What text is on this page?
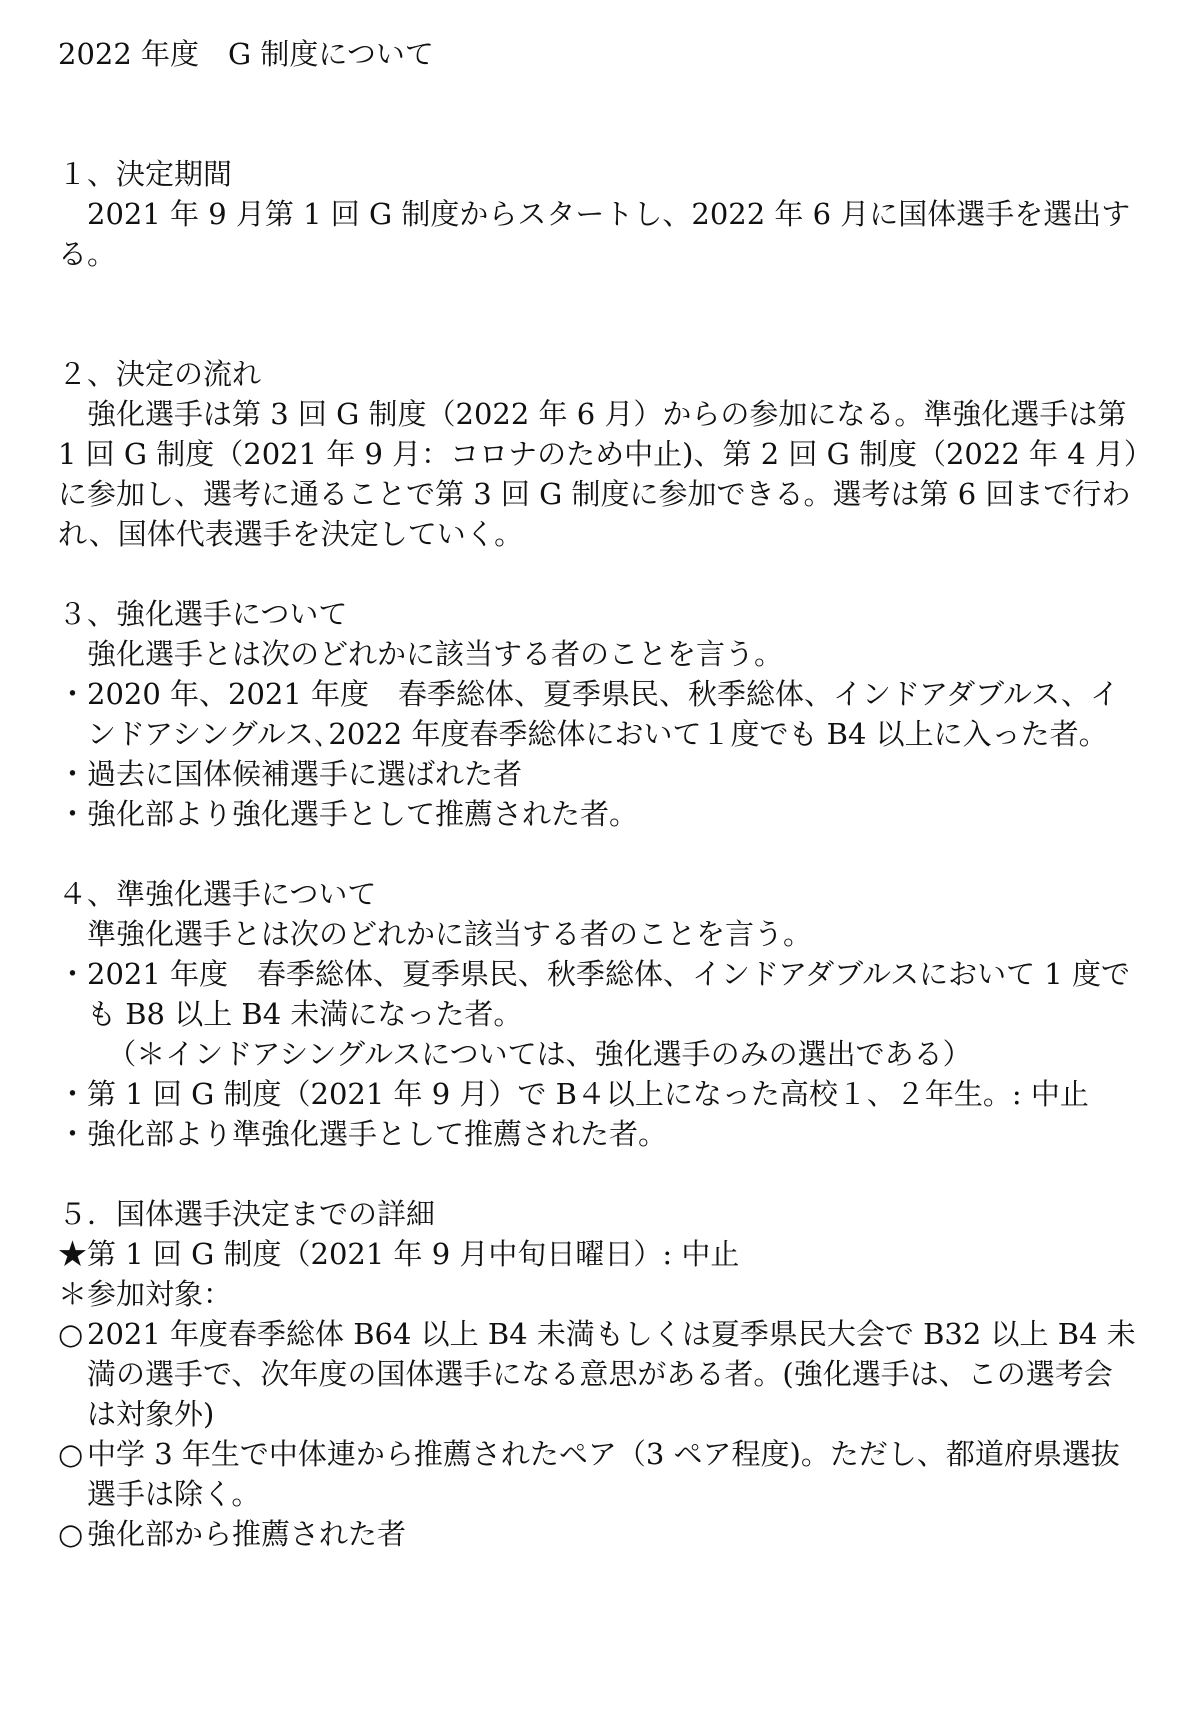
2022 年度　G 制度について

１、決定期間

2021 年 9 月第 1 回 G 制度からスタートし、2022 年 6 月に国体選手を選出する。

２、決定の流れ

強化選手は第 3 回 G 制度（2022 年 6 月）からの参加になる。準強化選手は第 1 回 G 制度（2021 年 9 月：コロナのため中止)、第 2 回 G 制度（2022 年 4 月）に参加し、選考に通ることで第 3 回 G 制度に参加できる。選考は第 6 回まで行われ、国体代表選手を決定していく。

３、強化選手について

強化選手とは次のどれかに該当する者のことを言う。

・ 2020 年、2021 年度　春季総体、夏季県民、秋季総体、インドアダブルス、インドアシングルス､2022 年度春季総体において１度でも B4 以上に入った者。
・ 過去に国体候補選手に選ばれた者
・ 強化部より強化選手として推薦された者。

４、準強化選手について

準強化選手とは次のどれかに該当する者のことを言う。

・ 2021 年度　春季総体、夏季県民、秋季総体、インドアダブルスにおいて 1 度でも B8 以上 B4 未満になった者。

（＊インドアシングルスについては、強化選手のみの選出である）

・ 第 1 回 G 制度（2021 年 9 月）で B４以上になった高校１、２年生。: 中止
・ 強化部より準強化選手として推薦された者。

５．国体選手決定までの詳細

★第 1 回 G 制度（2021 年 9 月中旬日曜日）: 中止

＊参加対象：

○ 2021 年度春季総体 B64 以上 B4 未満もしくは夏季県民大会で B32 以上 B4 未満の選手で、次年度の国体選手になる意思がある者。(強化選手は、この選考会は対象外)
○ 中学 3 年生で中体連から推薦されたペア（3 ペア程度)。ただし、都道府県選抜選手は除く。
○ 強化部から推薦された者
